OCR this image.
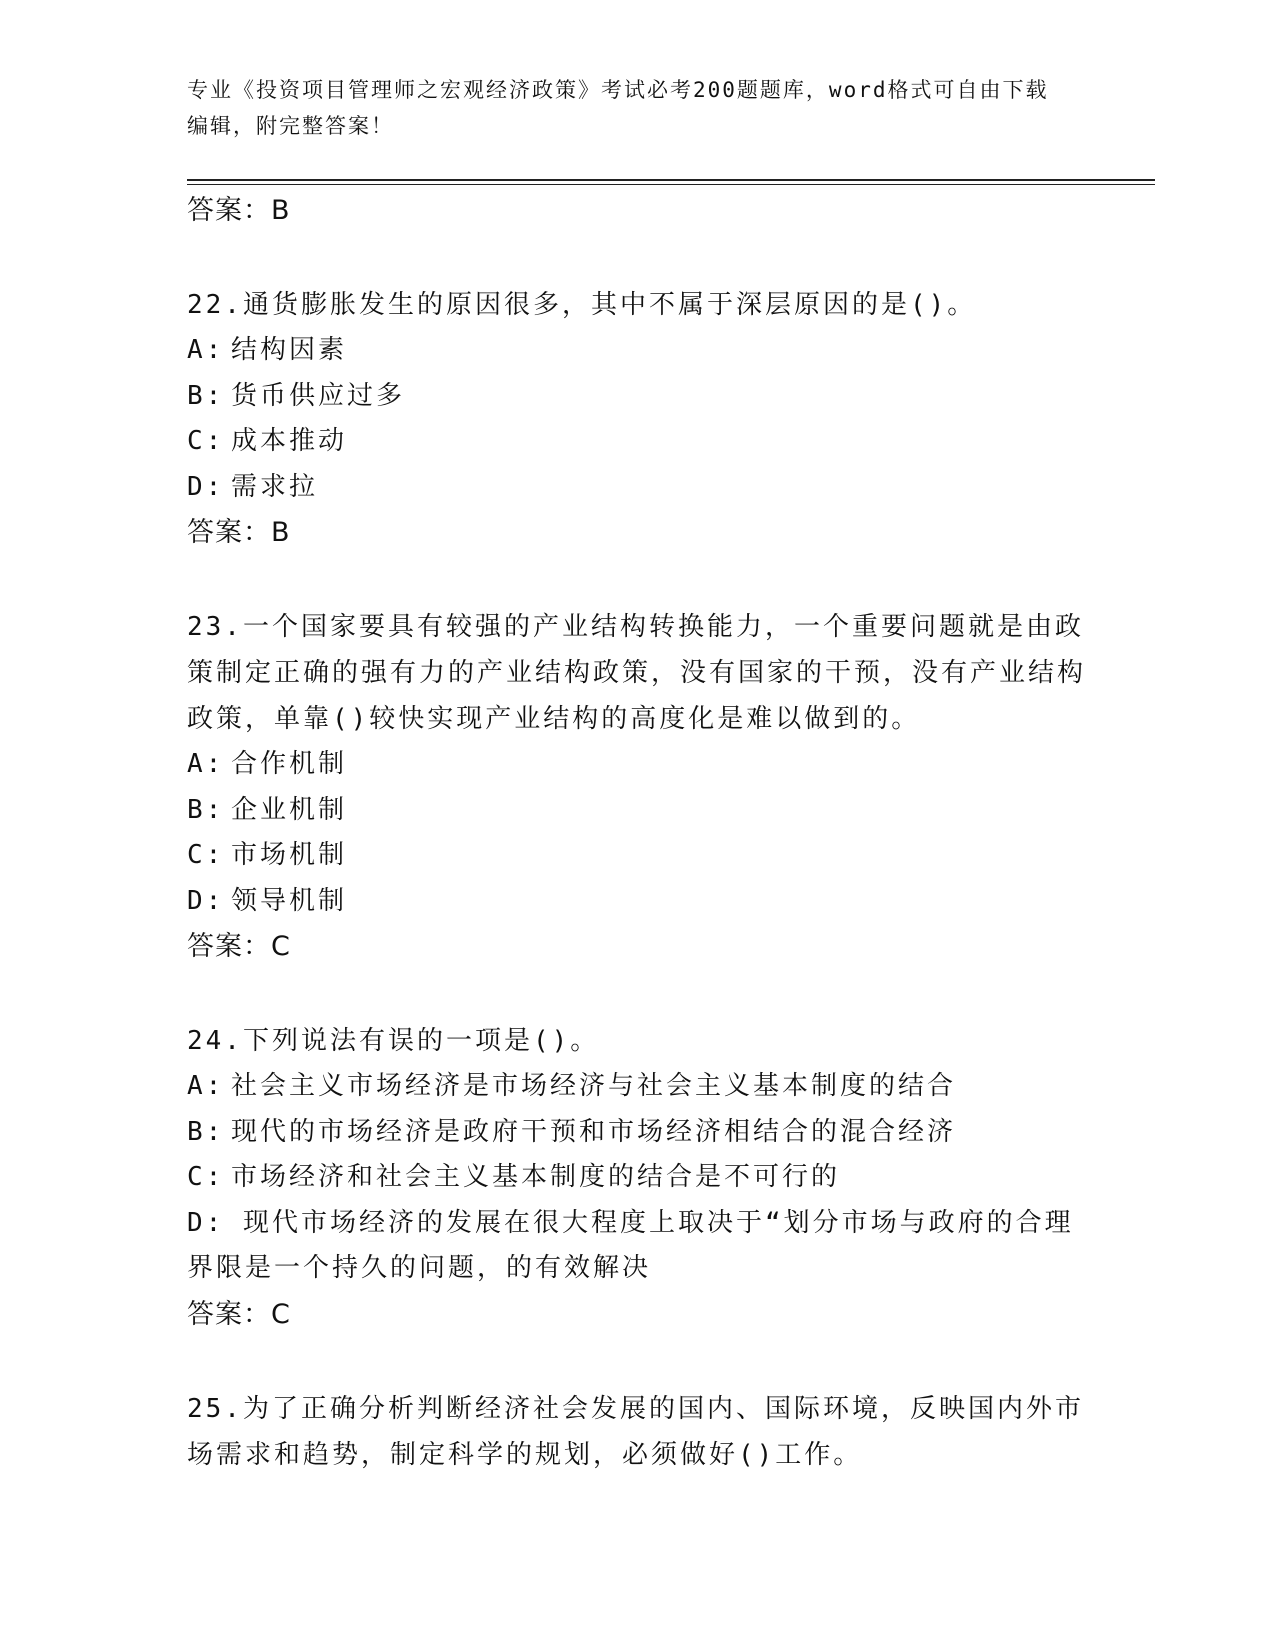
专业《投资项目管理师之宏观经济政策》考试必考200题题库，word格式可自由下载编辑，附完整答案！
答案：B
22.通货膨胀发生的原因很多，其中不属于深层原因的是()。
A: 结构因素
B: 货币供应过多
C: 成本推动
D: 需求拉
答案：B
23.一个国家要具有较强的产业结构转换能力，一个重要问题就是由政策制定正确的强有力的产业结构政策，没有国家的干预，没有产业结构政策，单靠()较快实现产业结构的高度化是难以做到的。
A: 合作机制
B: 企业机制
C: 市场机制
D: 领导机制
答案：C
24.下列说法有误的一项是()。
A: 社会主义市场经济是市场经济与社会主义基本制度的结合
B: 现代的市场经济是政府干预和市场经济相结合的混合经济
C: 市场经济和社会主义基本制度的结合是不可行的
D: 现代市场经济的发展在很大程度上取决于“划分市场与政府的合理界限是一个持久的问题，的有效解决
答案：C
25.为了正确分析判断经济社会发展的国内、国际环境，反映国内外市场需求和趋势，制定科学的规划，必须做好()工作。
